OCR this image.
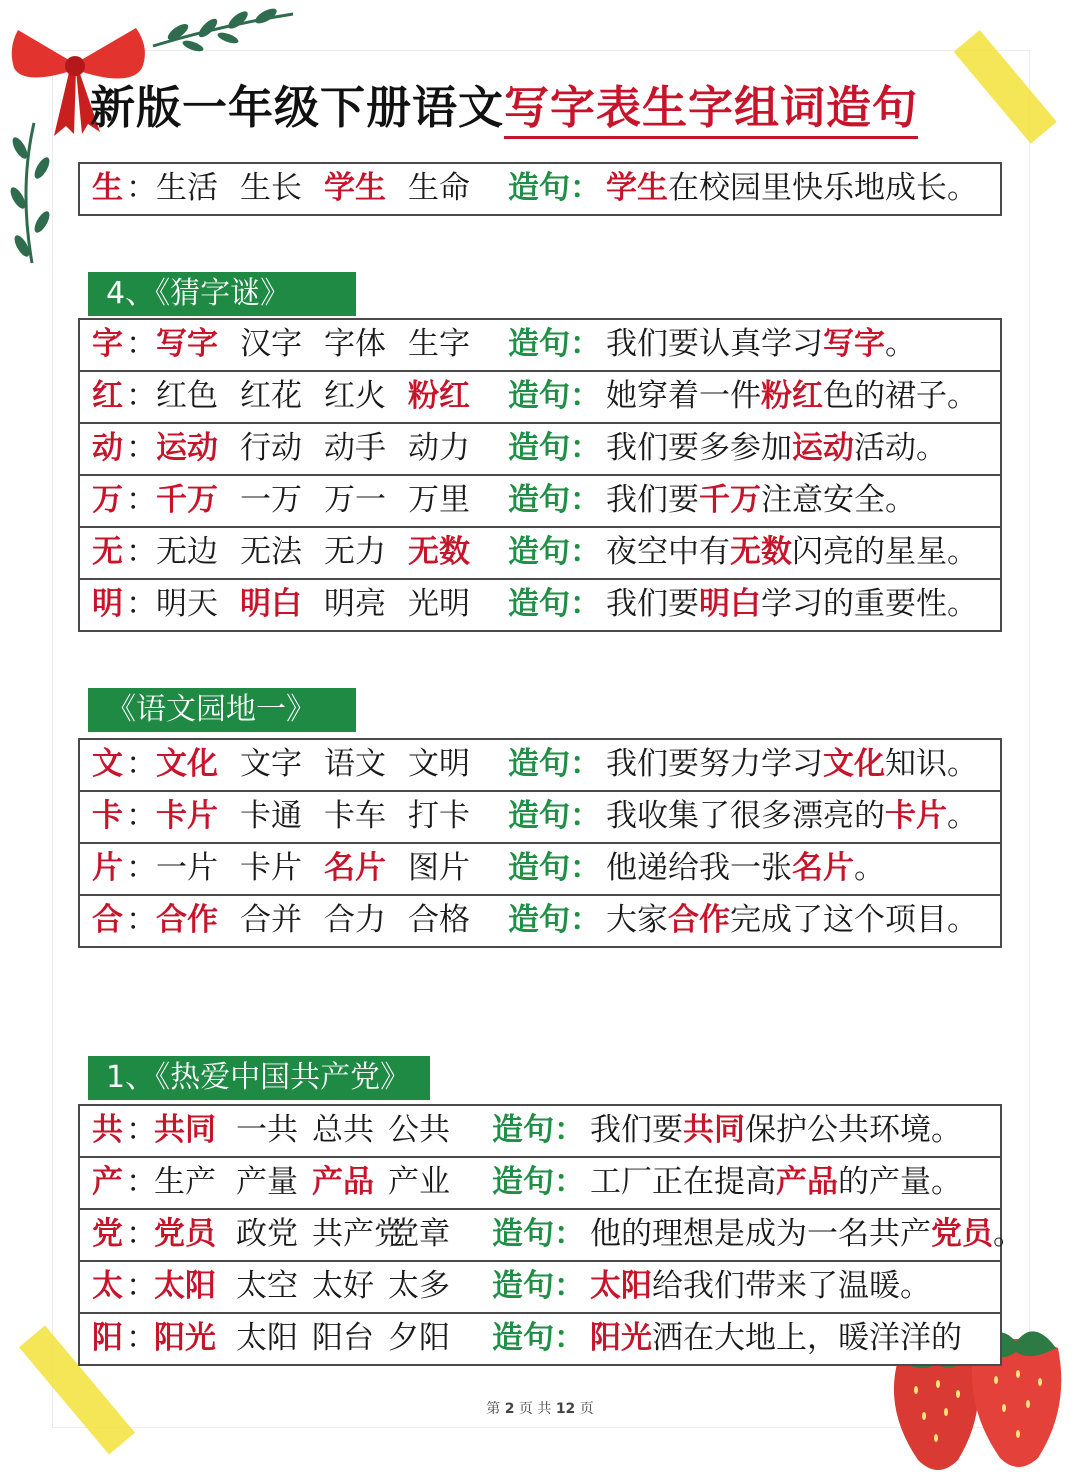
新版一年级下册语文写字表生字组词造句
生 ： 生活 生长 学生 生命 造句： 学生在校园里快乐地成长。
4、《猜字谜》
字 ： 写字 汉字 字体 生字 造句： 我们要认真学习写字。
红 ： 红色 红花 红火 粉红 造句： 她穿着一件粉红色的裙子。
动 ： 运动 行动 动手 动力 造句： 我们要多参加运动活动。
万 ： 千万 一万 万一 万里 造句： 我们要千万注意安全。
无 ： 无边 无法 无力 无数 造句： 夜空中有无数闪亮的星星。
明 ： 明天 明白 明亮 光明 造句： 我们要明白学习的重要性。
《语文园地一》
文 ： 文化 文字 语文 文明 造句： 我们要努力学习文化知识。
卡 ： 卡片 卡通 卡车 打卡 造句： 我收集了很多漂亮的卡片。
片 ： 一片 卡片 名片 图片 造句： 他递给我一张名片。
合 ： 合作 合并 合力 合格 造句： 大家合作完成了这个项目。
1、《热爱中国共产党》
共 ：
共同 一共 总共 公共 造句： 我们要共同保护公共环境。
产 ：
生产 产量 产品 产业 造句： 工厂正在提高产品的产量。
党 ：
党员 政党 共产党
党章 造句： 他的理想是成为一名共产党员。
太 ：
太阳 太空 太好 太多 造句： 太阳给我们带来了温暖。
阳 ：
阳光 太阳 阳台 夕阳 造句： 阳光洒在大地上，暖洋洋的
第 2 页 共 12 页
